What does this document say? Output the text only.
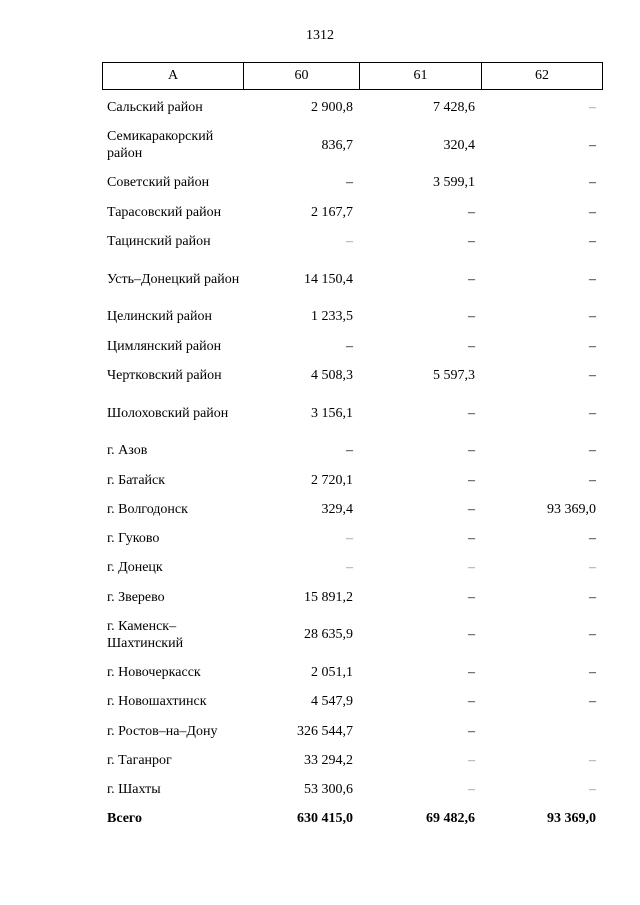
1312
А	60	61	62
Сальский район	2 900,8	7 428,6	–
Семикаракорский район	836,7	320,4	–
Советский район	–	3 599,1	–
Тарасовский район	2 167,7	–	–
Тацинский район	–	–	–
Усть–Донецкий район	14 150,4	–	–
Целинский район	1 233,5	–	–
Цимлянский район	–	–	–
Чертковский район	4 508,3	5 597,3	–
Шолоховский район	3 156,1	–	–
г. Азов	–	–	–
г. Батайск	2 720,1	–	–
г. Волгодонск	329,4	–	93 369,0
г. Гуково	–	–	–
г. Донецк	–	–	–
г. Зверево	15 891,2	–	–
г. Каменск–Шахтинский	28 635,9	–	–
г. Новочеркасск	2 051,1	–	–
г. Новошахтинск	4 547,9	–	–
г. Ростов–на–Дону	326 544,7	–	
г. Таганрог	33 294,2	–	–
г. Шахты	53 300,6	–	–
Всего	630 415,0	69 482,6	93 369,0
